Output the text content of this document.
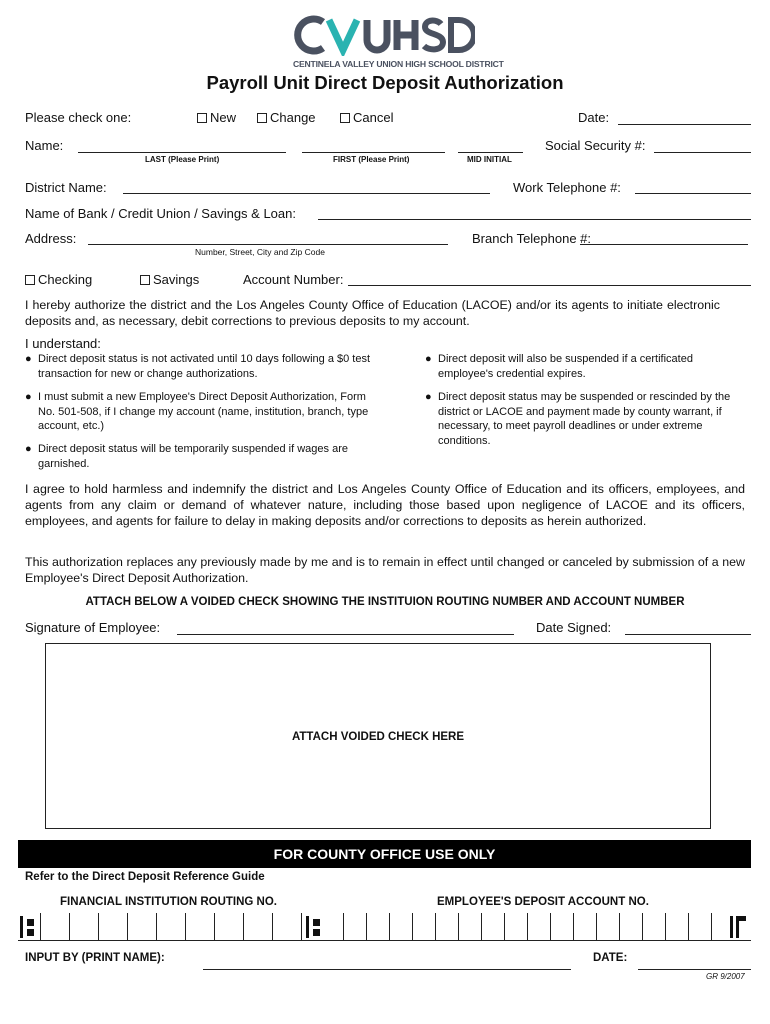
CENTINELA VALLEY UNION HIGH SCHOOL DISTRICT
Payroll Unit Direct Deposit Authorization
Please check one:	New	Change	Cancel	Date:
Name:
LAST (Please Print)	FIRST (Please Print)	MID INITIAL
Social Security #:
District Name:	Work Telephone #:
Name of Bank / Credit Union / Savings & Loan:
Address:
Number, Street, City and Zip Code
Branch Telephone #:
Checking	Savings	Account Number:
I hereby authorize the district and the Los Angeles County Office of Education (LACOE) and/or its agents to initiate electronic deposits and, as necessary, debit corrections to previous deposits to my account.
I understand:
● Direct deposit status is not activated until 10 days following a $0 test transaction for new or change authorizations.
● I must submit a new Employee's Direct Deposit Authorization, Form No. 501-508, if I change my account (name, institution, branch, type account, etc.)
● Direct deposit status will be temporarily suspended if wages are garnished.
● Direct deposit will also be suspended if a certificated employee's credential expires.
● Direct deposit status may be suspended or rescinded by the district or LACOE and payment made by county warrant, if necessary, to meet payroll deadlines or under extreme conditions.
I agree to hold harmless and indemnify the district and Los Angeles County Office of Education and its officers, employees, and agents from any claim or demand of whatever nature, including those based upon negligence of LACOE and its officers, employees, and agents for failure to delay in making deposits and/or corrections to deposits as herein authorized.
This authorization replaces any previously made by me and is to remain in effect until changed or canceled by submission of a new Employee's Direct Deposit Authorization.
ATTACH BELOW A VOIDED CHECK SHOWING THE INSTITUION ROUTING NUMBER AND ACCOUNT NUMBER
Signature of Employee:	Date Signed:
ATTACH VOIDED CHECK HERE
FOR COUNTY OFFICE USE ONLY
Refer to the Direct Deposit Reference Guide
FINANCIAL INSTITUTION ROUTING NO.	EMPLOYEE'S DEPOSIT ACCOUNT NO.
INPUT BY (PRINT NAME):	DATE:
GR 9/2007
